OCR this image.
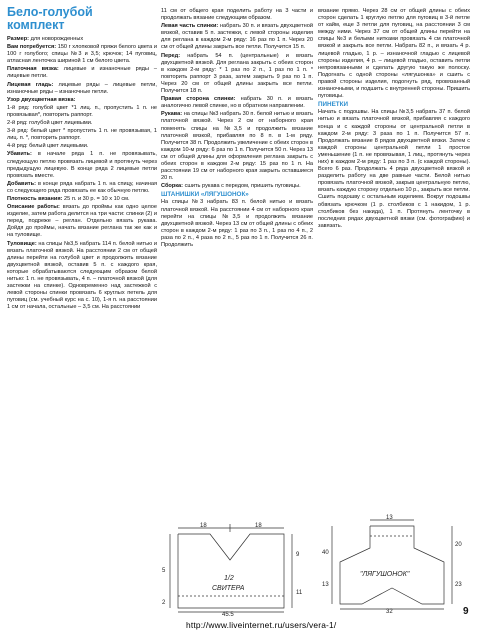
Бело-голубой
комплект

Размер: для новорожденных

Вам потребуется: 150 г хлопковой пряжи белого цвета и 100 г голубого; спицы №3 и 3,5; крючок; 14 пуговиц, атласная ленточка шириной 1 см белого цвета.

Платочная вязка: лицевые и изнаночные ряды – лицевые петли.

Лицевая гладь: лицевые ряды – лицевые петли, изнаночные ряды – изнаночные петли.

Узор двухцветная вязка:

1-й ряд: голубой цвет *1 лиц. п., пропустить 1 п. не провязывая*, повторить раппорт.

2-й ряд: голубой цвет лицевыми.

3-й ряд: белый цвет * пропустить 1 п. не провязывая, 1 лиц. п. *, повторить раппорт.

4-й ряд: белый цвет лицевыми.

Убавить: в начале ряда 1 п. не провязывать, следующую петлю провязать лицевой и протянуть через предыдущую лицевую. В конце ряда 2 лицевые петли провязать вместе.

Добавить: в конце ряда набрать 1 п. на спицу, начиная со следующего ряда провязать ее как обычную петлю.

Плотность вязания: 25 п. и 30 р. = 10 x 10 см.

Описание работы: вязать до проймы как одно целое изделие, затем работа делится на три части: спинки (2) и перед, подреже – реглан. Отдельно вязать рукава. Дойдя до проймы, начать вязание реглана так же как и на туловище.

Туловище: на спицы №3,5 набрать 114 п. белой нитью и вязать платочной вязкой. На расстоянии 2 см от общей длины перейти на голубой цвет и продолжить вязание двухцветной вязкой, оставив 5 п. с каждого края, которые обрабатываются следующим образом белой нитью: 1 п. не провязывать, 4 п. – платочной вязкой (для застежки на спинке). Одновременно над застежкой с левой стороны спинки провязать 6 круглых петель для пуговиц (см. учебный курс на с. 10), 1-я п. на расстоянии 1 см от начала, остальные – 3,5 см. На расстоянии

11 см от общего края поделить работу на 3 части и продолжать вязание следующим образом.

Левая часть спинки: набрать 30 п. и вязать двухцветной вязкой, оставив 5 п. застежки, с левой стороны изделия для реглана в каждом 2-м ряду: 16 раз по 1 п. Через 20 см от общей длины закрыть все петли. Получится 15 п.

Перед: набрать 54 п. (центральные) и вязать двухцветной вязкой. Для реглана закрыть с обеих сторон в каждом 2-м ряду: * 1 раз по 2 п., 1 раз по 1 п. * повторить раппорт 3 раза, затем закрыть 9 раз по 1 п. Через 20 см от общей длины закрыть все петли. Получится 18 п.

Правая сторона спинки: набрать 30 п. и вязать аналогично левой спинке, но в обратном направлении.

Рукава: на спицы №3 набрать 30 п. белой нитью и вязать платочной вязкой. Через 2 см от наборного края поменять спицы на №3,5 и продолжить вязание платочной вязкой, прибавляя по 8 п. в 1-м ряду. Получится 38 п. Продолжить увеличение с обеих сторон в каждом 10-м ряду: 6 раз по 1 п. Получится 50 п. Через 13 см от общей длины для оформления реглана закрыть с обеих сторон в каждом 2-м ряду: 15 раз по 1 п. На расстоянии 19 см от наборного края закрыть оставшиеся 20 п.

Сборка: сшить рукава с передом, пришить пуговицы.

ШТАНИШКИ «ЛЯГУШОНОК»

На спицы №3 набрать 83 п. белой нитью и вязать платочной вязкой. На расстоянии 4 см от наборного края перейти на спицы №3,5 и продолжить вязание двухцветной вязкой. Через 13 см от общей длины с обеих сторон в каждом 2-м ряду: 1 раз по 3 п., 1 раз по 4 п., 2 раза по 2 п., 4 раза по 2 п., 5 раз по 1 п. Получится 26 п. Продолжить

вязание прямо. Через 28 см от общей длины с обеих сторон сделать 1 круглую петлю для пуговиц в 3-й петле от кайм, еще 3 петли для пуговиц, на расстоянии 3 см между ними. Через 37 см от общей длины перейти на спицы №3 и белыми нитками провязать 4 см платочной вязкой и закрыть все петли. Набрать 82 п., и вязать 4 р. лицевой гладью, 1 р. – изнаночной гладью с лицевой стороны изделия, 4 р. – лицевой гладью, оставить петли непровязанными и сделать другую такую же полоску. Подогнать с одной стороны «лягушонка» и сшить с правой стороны изделия, подогнуть ряд, провязанный изнаночными, и подшить с внутренней стороны. Пришить пуговицы.

ПИНЕТКИ

Начать с подошвы. На спицы №3,5 набрать 37 п. белой нитью и вязать платочной вязкой, прибавляя с каждого конца и с каждой стороны от центральной петли в каждом 2-м ряду: 3 раза по 1 п. Получится 57 п. Продолжать вязание 8 рядов двухцветной вязки. Затем с каждой стороны центральной петли 1 простое уменьшение (1 п. не провязывая, 1 лиц., протянуть через них) в каждом 2-м ряду: 1 раз по 3 п. (с каждой стороны). Всего 6 раз. Продолжать 4 ряда двухцветной вязкой и разделить работу на две равные части. Белой нитью провязать платочной вязкой, закрыв центральную петлю, вязать каждую сторону отдельно 10 р., закрыть все петли. Сшить подошву с остальным изделием. Вокруг подошвы обвязать крючком (1 р. столбиков с 1 накидом, 1 р. столбиков без накида), 1 п. Протянуть ленточку в последних рядах двухцветной вязки (см. фотографию) и завязать.

18	18
5
2
9
11
45,5
1/2
СВИТЕРА
13
20
23
40
13
32
"ЛЯГУШОНОК"
9
http://www.liveinternet.ru/users/vera-1/
